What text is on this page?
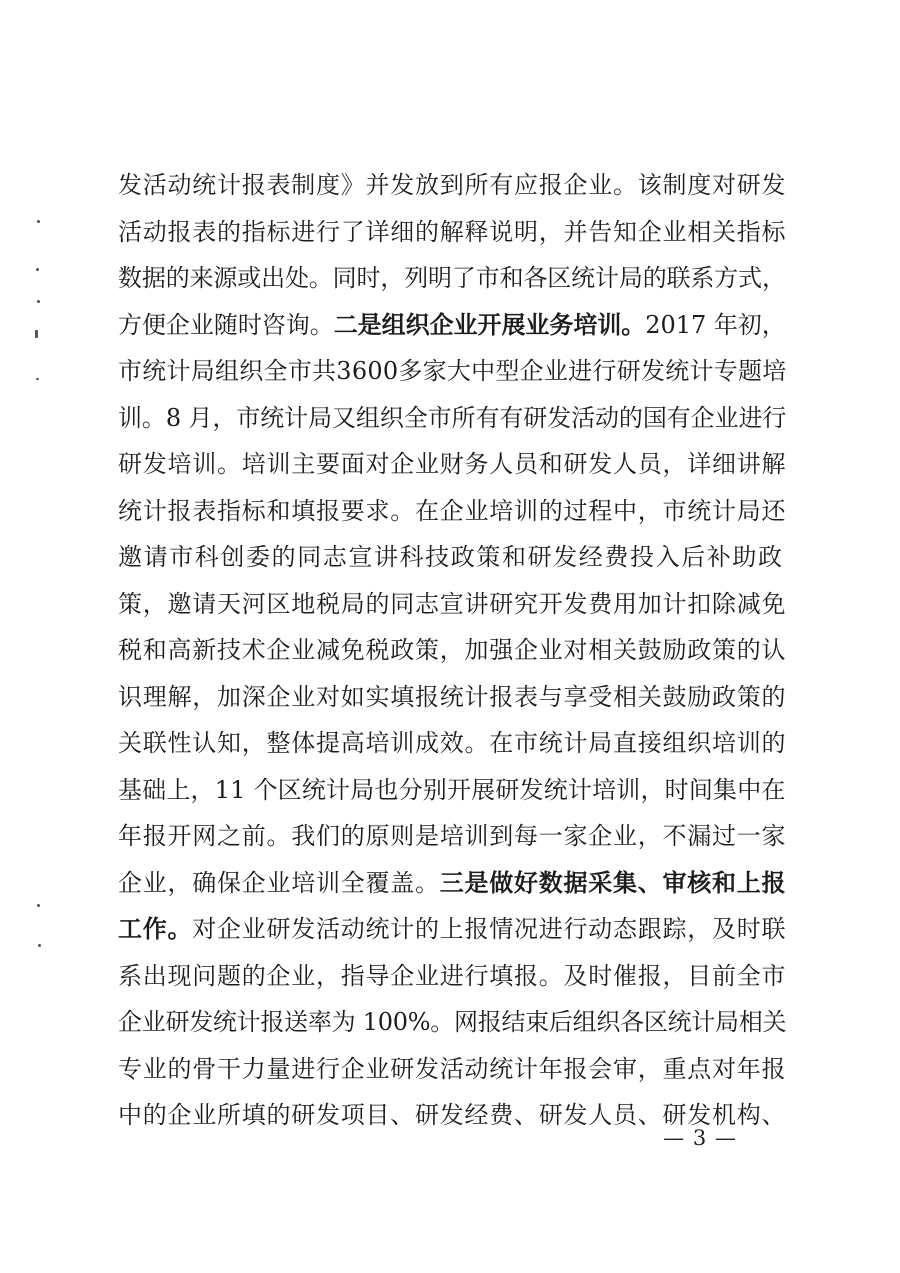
发活动统计报表制度》并发放到所有应报企业。该制度对研发
活动报表的指标进行了详细的解释说明，并告知企业相关指标
数据的来源或出处。同时，列明了市和各区统计局的联系方式，
方便企业随时咨询。二是组织企业开展业务培训。2017 年初，
市统计局组织全市共3600多家大中型企业进行研发统计专题培
训。8 月，市统计局又组织全市所有有研发活动的国有企业进行
研发培训。培训主要面对企业财务人员和研发人员，详细讲解
统计报表指标和填报要求。在企业培训的过程中，市统计局还
邀请市科创委的同志宣讲科技政策和研发经费投入后补助政
策，邀请天河区地税局的同志宣讲研究开发费用加计扣除减免
税和高新技术企业减免税政策，加强企业对相关鼓励政策的认
识理解，加深企业对如实填报统计报表与享受相关鼓励政策的
关联性认知，整体提高培训成效。在市统计局直接组织培训的
基础上，11 个区统计局也分别开展研发统计培训，时间集中在
年报开网之前。我们的原则是培训到每一家企业，不漏过一家
企业，确保企业培训全覆盖。三是做好数据采集、审核和上报
工作。对企业研发活动统计的上报情况进行动态跟踪，及时联
系出现问题的企业，指导企业进行填报。及时催报，目前全市
企业研发统计报送率为 100%。网报结束后组织各区统计局相关
专业的骨干力量进行企业研发活动统计年报会审，重点对年报
中的企业所填的研发项目、研发经费、研发人员、研发机构、
— 3 —
